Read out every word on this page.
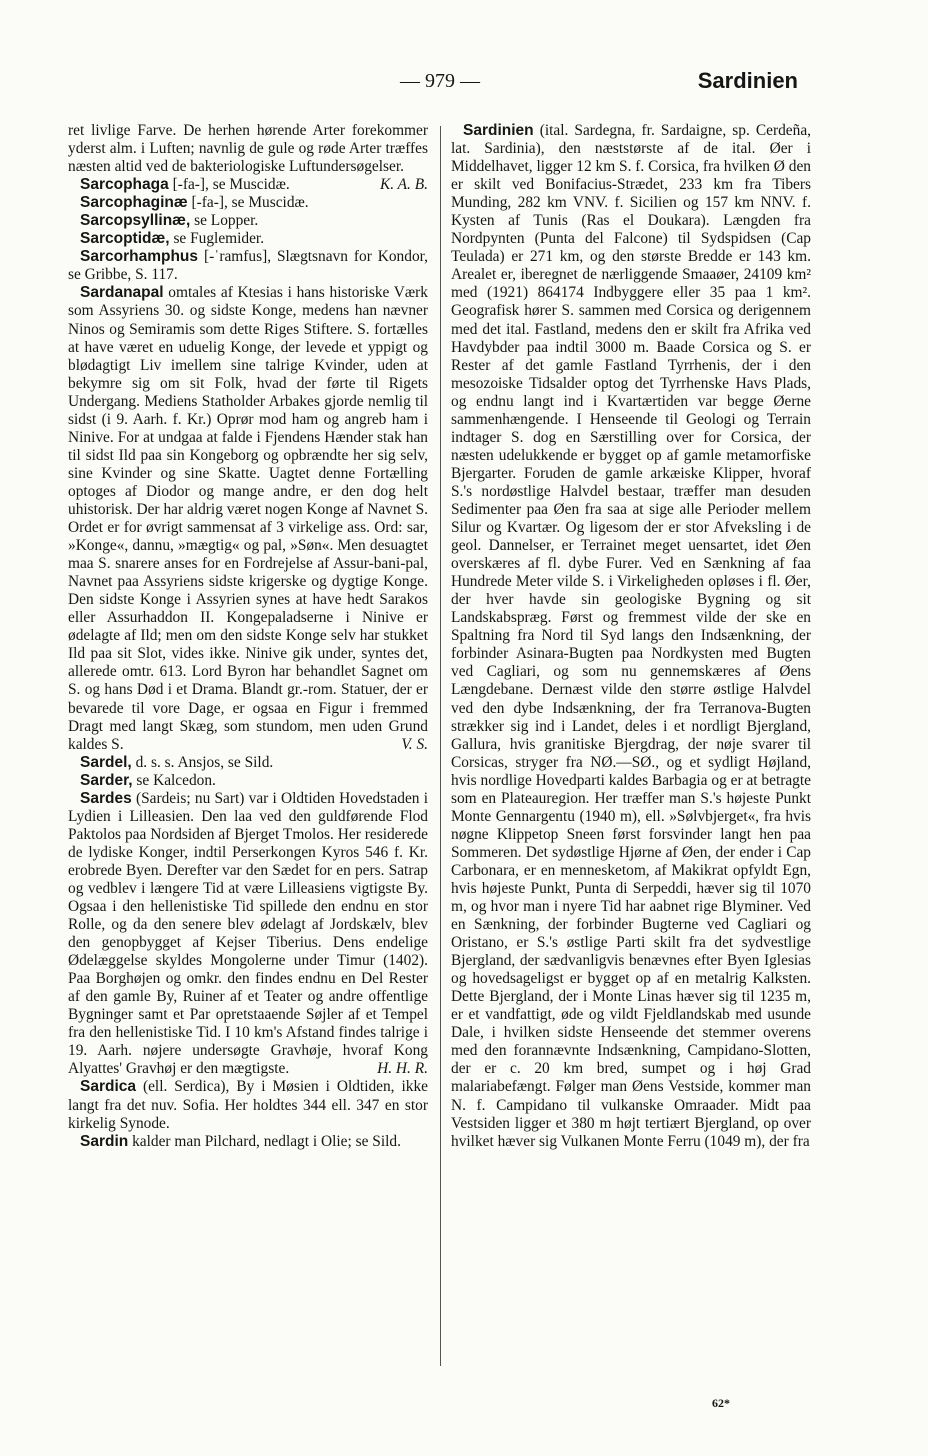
— 979 —	Sardinien

ret livlige Farve. De herhen hørende Arter forekommer yderst alm. i Luften; navnlig de gule og røde Arter træffes næsten altid ved de bakteriologiske Luftundersøgelser.
K. A. B.

Sarcophaga [-fa-], se Muscidæ.

Sarcophaginæ [-fa-], se Muscidæ.

Sarcopsyllinæ, se Lopper.

Sarcoptidæ, se Fuglemider.

Sarcorhamphus [-ˈramfus], Slægtsnavn for Kondor, se Gribbe, S. 117.

Sardanapal omtales af Ktesias i hans historiske Værk som Assyriens 30. og sidste Konge, medens han nævner Ninos og Semiramis som dette Riges Stiftere. S. fortælles at have været en uduelig Konge, der levede et yppigt og blødagtigt Liv imellem sine talrige Kvinder, uden at bekymre sig om sit Folk, hvad der førte til Rigets Undergang. Mediens Statholder Arbakes gjorde nemlig til sidst (i 9. Aarh. f. Kr.) Oprør mod ham og angreb ham i Ninive. For at undgaa at falde i Fjendens Hænder stak han til sidst Ild paa sin Kongeborg og opbrændte her sig selv, sine Kvinder og sine Skatte. Uagtet denne Fortælling optoges af Diodor og mange andre, er den dog helt uhistorisk. Der har aldrig været nogen Konge af Navnet S. Ordet er for øvrigt sammensat af 3 virkelige ass. Ord: sar, »Konge«, dannu, »mægtig« og pal, »Søn«. Men desuagtet maa S. snarere anses for en Fordrejelse af Assur-bani-pal, Navnet paa Assyriens sidste krigerske og dygtige Konge. Den sidste Konge i Assyrien synes at have hedt Sarakos eller Assurhaddon II. Kongepaladserne i Ninive er ødelagte af Ild; men om den sidste Konge selv har stukket Ild paa sit Slot, vides ikke. Ninive gik under, syntes det, allerede omtr. 613. Lord Byron har behandlet Sagnet om S. og hans Død i et Drama. Blandt gr.-rom. Statuer, der er bevarede til vore Dage, er ogsaa en Figur i fremmed Dragt med langt Skæg, som stundom, men uden Grund kaldes S.	V. S.

Sardel, d. s. s. Ansjos, se Sild.

Sarder, se Kalcedon.

Sardes (Sardeis; nu Sart) var i Oldtiden Hovedstaden i Lydien i Lilleasien. Den laa ved den guldførende Flod Paktolos paa Nordsiden af Bjerget Tmolos. Her residerede de lydiske Konger, indtil Perserkongen Kyros 546 f. Kr. erobrede Byen. Derefter var den Sædet for en pers. Satrap og vedblev i længere Tid at være Lilleasiens vigtigste By. Ogsaa i den hellenistiske Tid spillede den endnu en stor Rolle, og da den senere blev ødelagt af Jordskælv, blev den genopbygget af Kejser Tiberius. Dens endelige Ødelæggelse skyldes Mongolerne under Timur (1402). Paa Borghøjen og omkr. den findes endnu en Del Rester af den gamle By, Ruiner af et Teater og andre offentlige Bygninger samt et Par opretstaaende Søjler af et Tempel fra den hellenistiske Tid. I 10 km's Afstand findes talrige i 19. Aarh. nøjere undersøgte Gravhøje, hvoraf Kong Alyattes' Gravhøj er den mægtigste.	H. H. R.

Sardica (ell. Serdica), By i Møsien i Oldtiden, ikke langt fra det nuv. Sofia. Her holdtes 344 ell. 347 en stor kirkelig Synode.

Sardin kalder man Pilchard, nedlagt i Olie; se Sild.

Sardinien (ital. Sardegna, fr. Sardaigne, sp. Cerdeña, lat. Sardinia), den næststørste af de ital. Øer i Middelhavet, ligger 12 km S. f. Corsica, fra hvilken Ø den er skilt ved Bonifacius-Strædet, 233 km fra Tibers Munding, 282 km VNV. f. Sicilien og 157 km NNV. f. Kysten af Tunis (Ras el Doukara). Længden fra Nordpynten (Punta del Falcone) til Sydspidsen (Cap Teulada) er 271 km, og den største Bredde er 143 km. Arealet er, iberegnet de nærliggende Smaaøer, 24109 km² med (1921) 864174 Indbyggere eller 35 paa 1 km². Geografisk hører S. sammen med Corsica og derigennem med det ital. Fastland, medens den er skilt fra Afrika ved Havdybder paa indtil 3000 m. Baade Corsica og S. er Rester af det gamle Fastland Tyrrhenis, der i den mesozoiske Tidsalder optog det Tyrrhenske Havs Plads, og endnu langt ind i Kvartærtiden var begge Øerne sammenhængende. I Henseende til Geologi og Terrain indtager S. dog en Særstilling over for Corsica, der næsten udelukkende er bygget op af gamle metamorfiske Bjergarter. Foruden de gamle arkæiske Klipper, hvoraf S.'s nordøstlige Halvdel bestaar, træffer man desuden Sedimenter paa Øen fra saa at sige alle Perioder mellem Silur og Kvartær. Og ligesom der er stor Afveksling i de geol. Dannelser, er Terrainet meget uensartet, idet Øen overskæres af fl. dybe Furer. Ved en Sænkning af faa Hundrede Meter vilde S. i Virkeligheden opløses i fl. Øer, der hver havde sin geologiske Bygning og sit Landskabspræg. Først og fremmest vilde der ske en Spaltning fra Nord til Syd langs den Indsænkning, der forbinder Asinara-Bugten paa Nordkysten med Bugten ved Cagliari, og som nu gennemskæres af Øens Længdebane. Dernæst vilde den større østlige Halvdel ved den dybe Indsænkning, der fra Terranova-Bugten strækker sig ind i Landet, deles i et nordligt Bjergland, Gallura, hvis granitiske Bjergdrag, der nøje svarer til Corsicas, stryger fra NØ.—SØ., og et sydligt Højland, hvis nordlige Hovedparti kaldes Barbagia og er at betragte som en Plateauregion. Her træffer man S.'s højeste Punkt Monte Gennargentu (1940 m), ell. »Sølvbjerget«, fra hvis nøgne Klippetop Sneen først forsvinder langt hen paa Sommeren. Det sydøstlige Hjørne af Øen, der ender i Cap Carbonara, er en mennesketom, af Makikrat opfyldt Egn, hvis højeste Punkt, Punta di Serpeddi, hæver sig til 1070 m, og hvor man i nyere Tid har aabnet rige Blyminer. Ved en Sænkning, der forbinder Bugterne ved Cagliari og Oristano, er S.'s østlige Parti skilt fra det sydvestlige Bjergland, der sædvanligvis benævnes efter Byen Iglesias og hovedsageligst er bygget op af en metalrig Kalksten. Dette Bjergland, der i Monte Linas hæver sig til 1235 m, er et vandfattigt, øde og vildt Fjeldlandskab med usunde Dale, i hvilken sidste Henseende det stemmer overens med den forannævnte Indsænkning, Campidano-Slotten, der er c. 20 km bred, sumpet og i høj Grad malariabefængt. Følger man Øens Vestside, kommer man N. f. Campidano til vulkanske Omraader. Midt paa Vestsiden ligger et 380 m højt tertiært Bjergland, op over hvilket hæver sig Vulkanen Monte Ferru (1049 m), der fra

62*
